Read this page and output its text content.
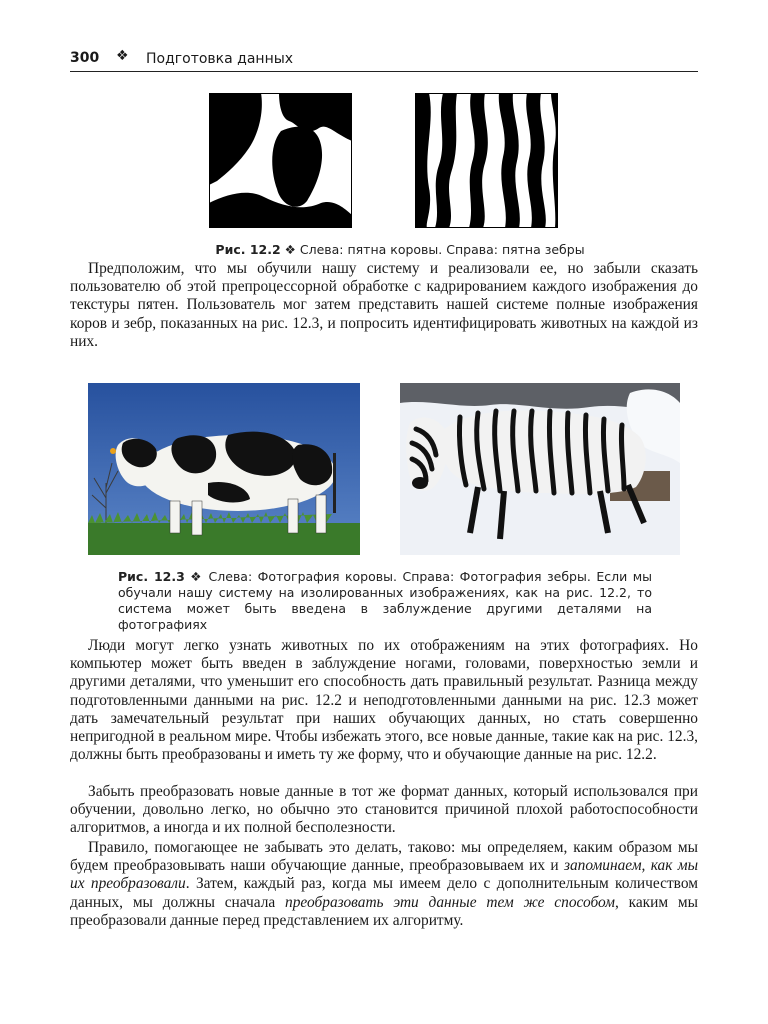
300 ❖ Подготовка данных
Рис. 12.2 ❖ Слева: пятна коровы. Справа: пятна зебры

Предположим, что мы обучили нашу систему и реализовали ее, но забыли сказать пользователю об этой препроцессорной обработке с кадрированием каждого изображения до текстуры пятен. Пользователь мог затем представить нашей системе полные изображения коров и зебр, показанных на рис. 12.3, и попросить идентифицировать животных на каждой из них.

Рис. 12.3 ❖ Слева: Фотография коровы. Справа: Фотография зебры. Если мы обучали нашу систему на изолированных изображениях, как на рис. 12.2, то система может быть введена в заблуждение другими деталями на фотографиях

Люди могут легко узнать животных по их отображениям на этих фотографиях. Но компьютер может быть введен в заблуждение ногами, головами, поверхностью земли и другими деталями, что уменьшит его способность дать правильный результат. Разница между подготовленными данными на рис. 12.2 и неподготовленными данными на рис. 12.3 может дать замечательный результат при наших обучающих данных, но стать совершенно непригодной в реальном мире. Чтобы избежать этого, все новые данные, такие как на рис. 12.3, должны быть преобразованы и иметь ту же форму, что и обучающие данные на рис. 12.2.

Забыть преобразовать новые данные в тот же формат данных, который использовался при обучении, довольно легко, но обычно это становится причиной плохой работоспособности алгоритмов, а иногда и их полной бесполезности.

Правило, помогающее не забывать это делать, таково: мы определяем, каким образом мы будем преобразовывать наши обучающие данные, преобразовываем их и запоминаем, как мы их преобразовали. Затем, каждый раз, когда мы имеем дело с дополнительным количеством данных, мы должны сначала преобразовать эти данные тем же способом, каким мы преобразовали данные перед представлением их алгоритму.
